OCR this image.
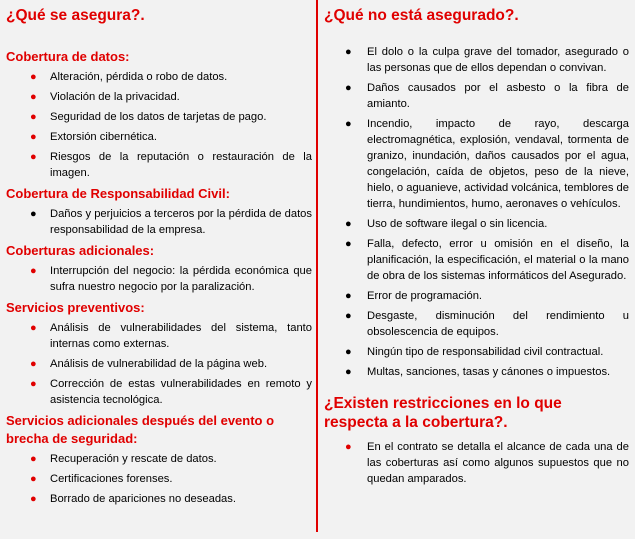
¿Qué se asegura?.
Cobertura de datos:
● Alteración, pérdida o robo de datos.
● Violación de la privacidad.
● Seguridad de los datos de tarjetas de pago.
● Extorsión cibernética.
● Riesgos de la reputación o restauración de la imagen.
Cobertura de Responsabilidad Civil:
● Daños y perjuicios a terceros por la pérdida de datos responsabilidad de la empresa.
Coberturas adicionales:
● Interrupción del negocio: la pérdida económica que sufra nuestro negocio por la paralización.
Servicios preventivos:
● Análisis de vulnerabilidades del sistema, tanto internas como externas.
● Análisis de vulnerabilidad de la página web.
● Corrección de estas vulnerabilidades en remoto y asistencia tecnológica.
Servicios adicionales después del evento o brecha de seguridad:
● Recuperación y rescate de datos.
● Certificaciones forenses.
● Borrado de apariciones no deseadas.
¿Qué no está asegurado?.
● El dolo o la culpa grave del tomador, asegurado o las personas que de ellos dependan o convivan.
● Daños causados por el asbesto o la fibra de amianto.
● Incendio, impacto de rayo, descarga electromagnética, explosión, vendaval, tormenta de granizo, inundación, daños causados por el agua, congelación, caída de objetos, peso de la nieve, hielo, o aguanieve, actividad volcánica, temblores de tierra, hundimientos, humo, aeronaves o vehículos.
● Uso de software ilegal o sin licencia.
● Falla, defecto, error u omisión en el diseño, la planificación, la especificación, el material o la mano de obra de los sistemas informáticos del Asegurado.
● Error de programación.
● Desgaste, disminución del rendimiento u obsolescencia de equipos.
● Ningún tipo de responsabilidad civil contractual.
● Multas, sanciones, tasas y cánones o impuestos.
¿Existen restricciones en lo que respecta a la cobertura?.
● En el contrato se detalla el alcance de cada una de las coberturas así como algunos supuestos que no quedan amparados.
